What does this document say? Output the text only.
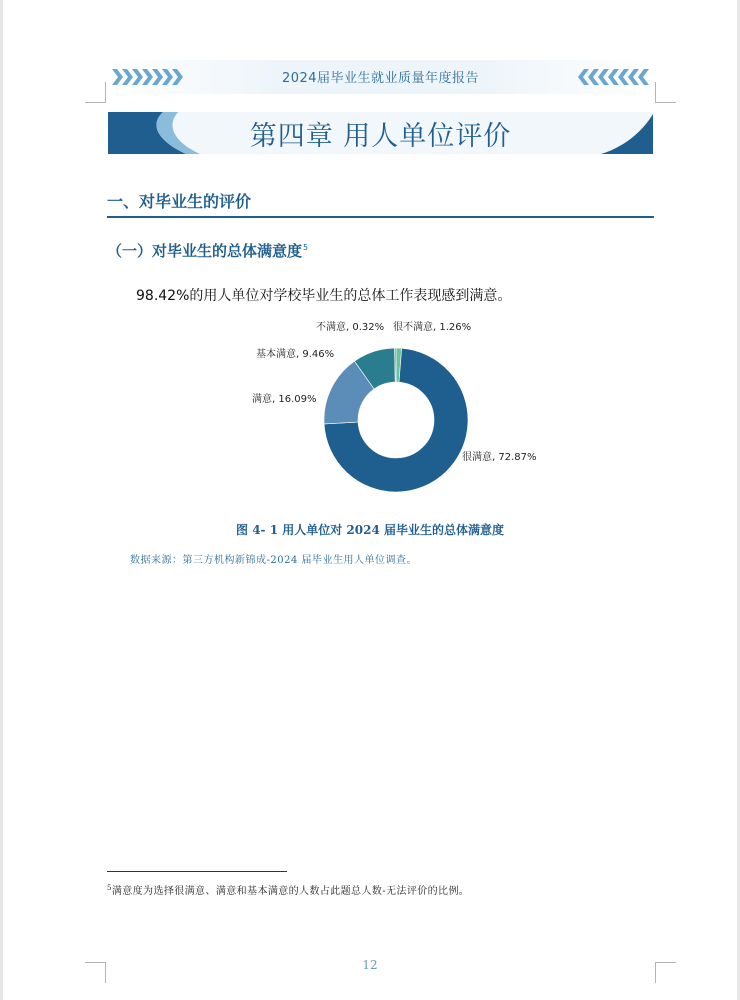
2024届毕业生就业质量年度报告
第四章 用人单位评价
一、对毕业生的评价
（一）对毕业生的总体满意度$^5$
98.42%的用人单位对学校毕业生的总体工作表现感到满意。
很满意, 72.87%
满意, 16.09%
基本满意, 9.46%
不满意, 0.32% 很不满意, 1.26%
图 4- 1 用人单位对 2024 届毕业生的总体满意度
数据来源：第三方机构新锦成-2024 届毕业生用人单位调查。
$^5$满意度为选择很满意、满意和基本满意的人数占此题总人数-无法评价的比例。
12
